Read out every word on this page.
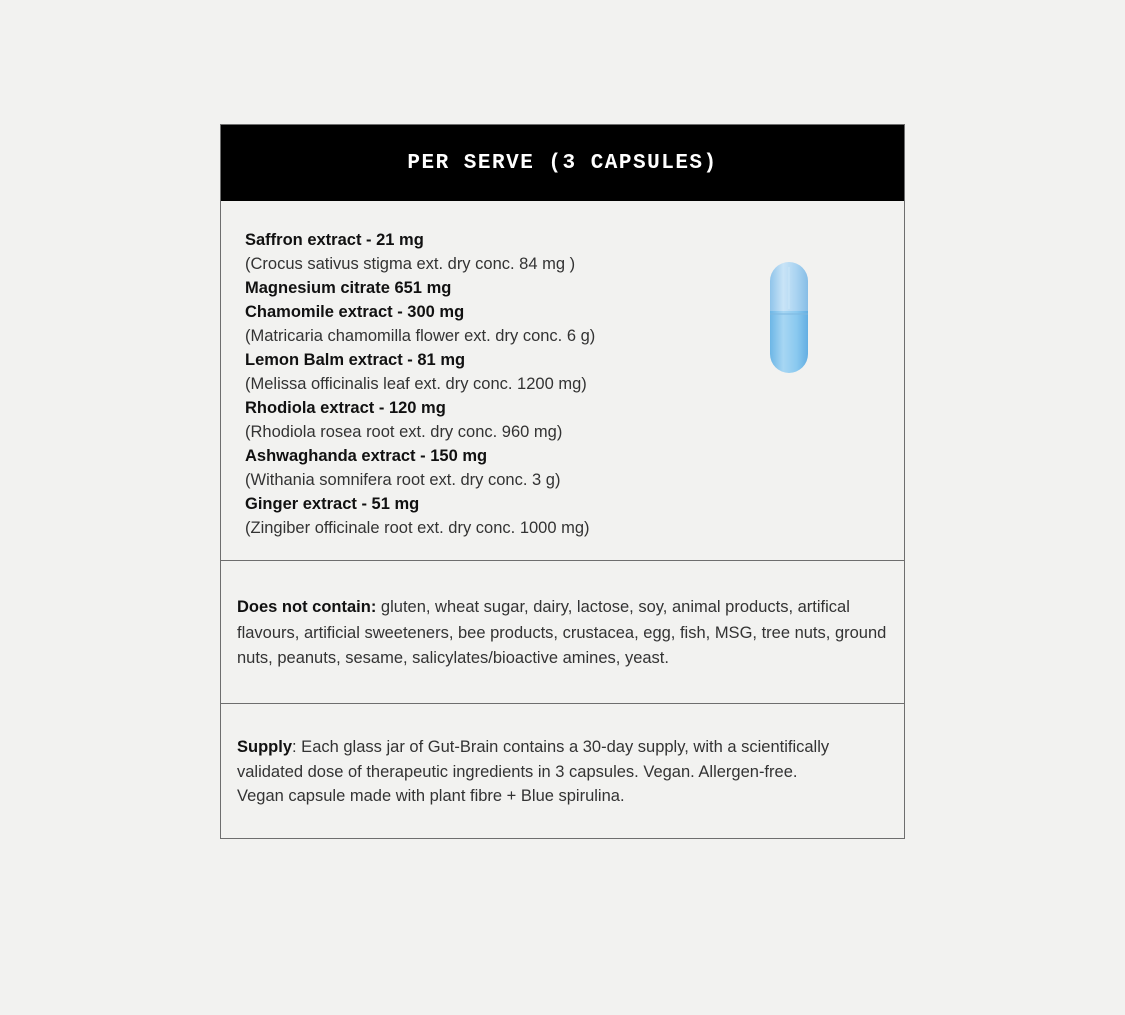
PER SERVE (3 CAPSULES)
Saffron extract - 21 mg
(Crocus sativus stigma ext. dry conc. 84 mg )
Magnesium citrate 651 mg
Chamomile extract - 300 mg
(Matricaria chamomilla flower ext. dry conc. 6 g)
Lemon Balm extract - 81 mg
(Melissa officinalis leaf ext. dry conc. 1200 mg)
Rhodiola extract - 120 mg
(Rhodiola rosea root ext. dry conc. 960 mg)
Ashwaghanda extract - 150 mg
(Withania somnifera root ext. dry conc. 3 g)
Ginger extract - 51 mg
(Zingiber officinale root ext. dry conc. 1000 mg)
Does not contain: gluten, wheat sugar, dairy, lactose, soy, animal products, artifical flavours, artificial sweeteners, bee products, crustacea, egg, fish, MSG, tree nuts, ground nuts, peanuts, sesame, salicylates/bioactive amines, yeast.
Supply: Each glass jar of Gut-Brain contains a 30-day supply, with a scientifically
validated dose of therapeutic ingredients in 3 capsules. Vegan. Allergen-free.
Vegan capsule made with plant fibre + Blue spirulina.
